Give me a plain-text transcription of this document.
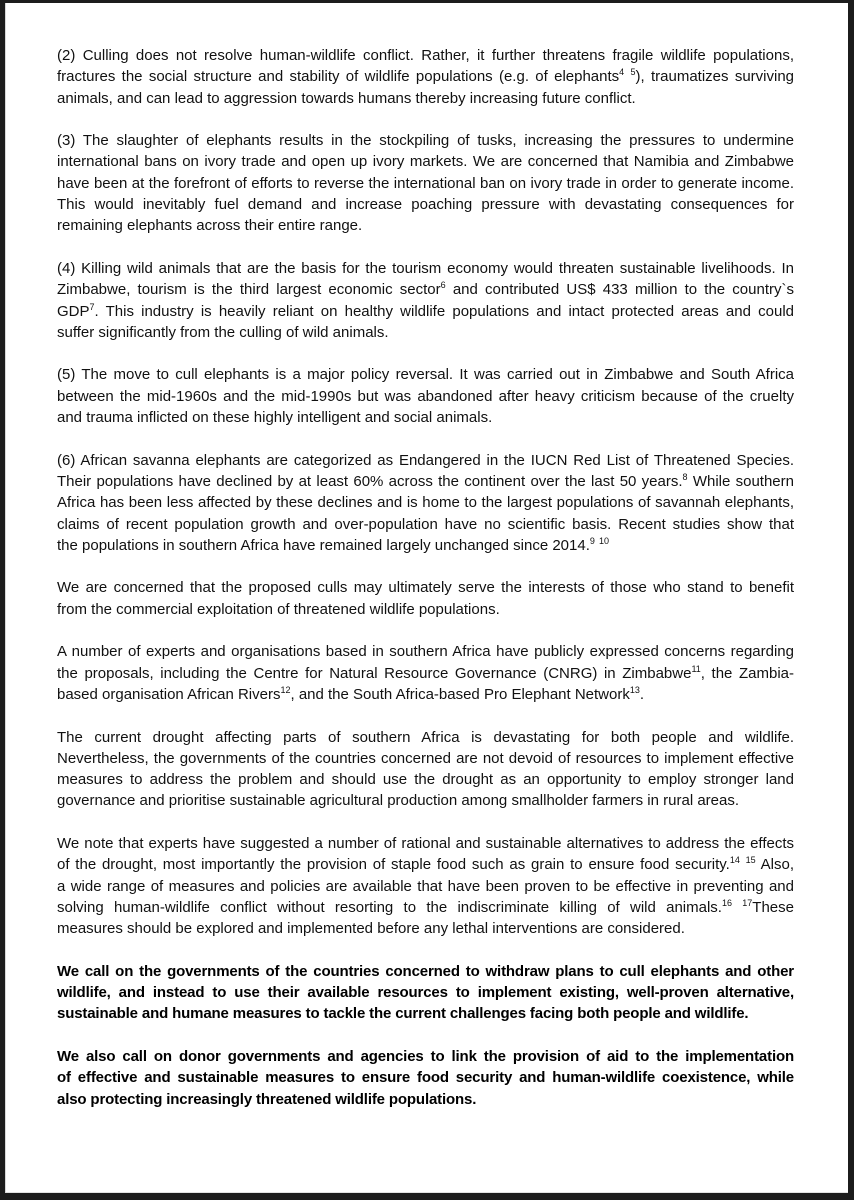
(2) Culling does not resolve human-wildlife conflict. Rather, it further threatens fragile wildlife populations,
fractures the social structure and stability of wildlife populations (e.g. of elephants$^4$ $^5$), traumatizes surviving
animals, and can lead to aggression towards humans thereby increasing future conflict.

(3) The slaughter of elephants results in the stockpiling of tusks, increasing the pressures to undermine
international bans on ivory trade and open up ivory markets. We are concerned that Namibia and Zimbabwe
have been at the forefront of efforts to reverse the international ban on ivory trade in order to generate income.
This would inevitably fuel demand and increase poaching pressure with devastating consequences for
remaining elephants across their entire range.

(4) Killing wild animals that are the basis for the tourism economy would threaten sustainable livelihoods. In
Zimbabwe, tourism is the third largest economic sector$^6$ and contributed US$ 433 million to the country`s
GDP$^7$. This industry is heavily reliant on healthy wildlife populations and intact protected areas and could
suffer significantly from the culling of wild animals.

(5) The move to cull elephants is a major policy reversal. It was carried out in Zimbabwe and South Africa
between the mid-1960s and the mid-1990s but was abandoned after heavy criticism because of the cruelty
and trauma inflicted on these highly intelligent and social animals.

(6) African savanna elephants are categorized as Endangered in the IUCN Red List of Threatened Species.
Their populations have declined by at least 60% across the continent over the last 50 years.$^8$ While southern
Africa has been less affected by these declines and is home to the largest populations of savannah elephants,
claims of recent population growth and over-population have no scientific basis. Recent studies show that
the populations in southern Africa have remained largely unchanged since 2014.$^9$ $^{10}$

We are concerned that the proposed culls may ultimately serve the interests of those who stand to benefit
from the commercial exploitation of threatened wildlife populations.

A number of experts and organisations based in southern Africa have publicly expressed concerns regarding
the proposals, including the Centre for Natural Resource Governance (CNRG) in Zimbabwe$^{11}$, the Zambia-
based organisation African Rivers$^{12}$, and the South Africa-based Pro Elephant Network$^{13}$.

The current drought affecting parts of southern Africa is devastating for both people and wildlife.
Nevertheless, the governments of the countries concerned are not devoid of resources to implement effective
measures to address the problem and should use the drought as an opportunity to employ stronger land
governance and prioritise sustainable agricultural production among smallholder farmers in rural areas.

We note that experts have suggested a number of rational and sustainable alternatives to address the effects
of the drought, most importantly the provision of staple food such as grain to ensure food security.$^{14}$ $^{15}$ Also,
a wide range of measures and policies are available that have been proven to be effective in preventing and
solving human-wildlife conflict without resorting to the indiscriminate killing of wild animals.$^{16}$ $^{17}$These
measures should be explored and implemented before any lethal interventions are considered.

We call on the governments of the countries concerned to withdraw plans to cull elephants and other
wildlife, and instead to use their available resources to implement existing, well-proven alternative,
sustainable and humane measures to tackle the current challenges facing both people and wildlife.

We also call on donor governments and agencies to link the provision of aid to the implementation
of effective and sustainable measures to ensure food security and human-wildlife coexistence, while
also protecting increasingly threatened wildlife populations.
